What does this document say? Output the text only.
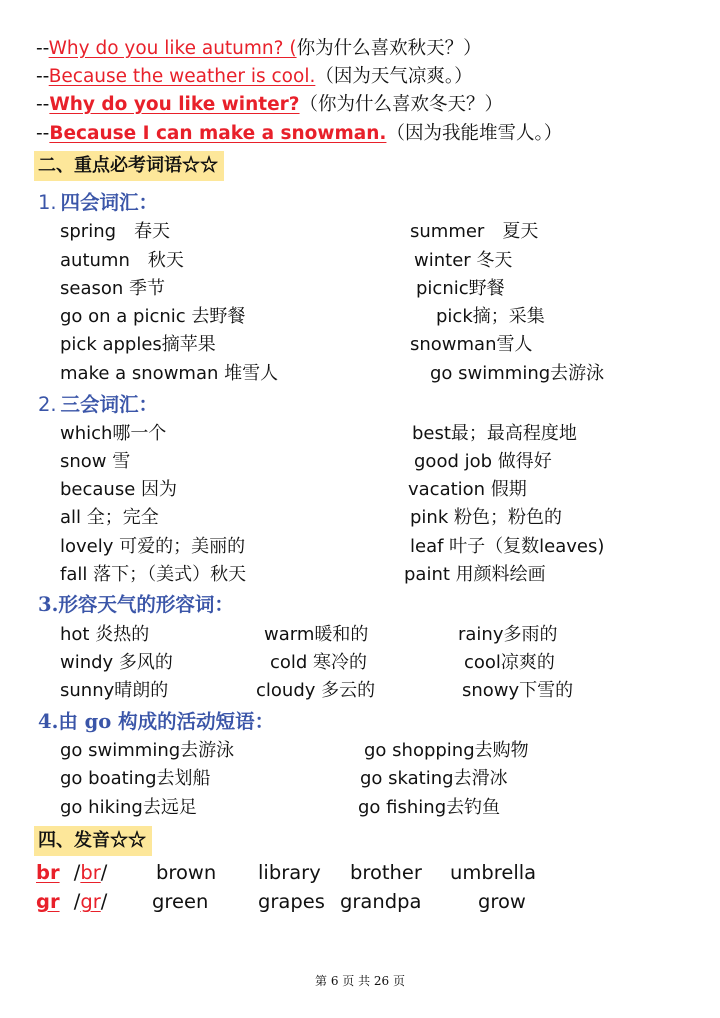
--Why do you like autumn? (你为什么喜欢秋天？）
--Because the weather is cool.（因为天气凉爽。）
--Why do you like winter?（你为什么喜欢冬天？）
--Because I can make a snowman.（因为我能堆雪人。）
二、重点必考词语☆☆
1.  四会词汇：
spring　春天	summer　夏天
autumn　秋天	winter 冬天
season 季节	picnic野餐
go on a picnic 去野餐	pick摘；采集
pick apples摘苹果	snowman雪人
make a snowman 堆雪人	go swimming去游泳
2.  三会词汇：
which哪一个	best最；最高程度地
snow 雪	good job 做得好
because 因为	vacation 假期
all 全；完全	pink 粉色；粉色的
lovely 可爱的；美丽的	leaf 叶子（复数leaves)
fall 落下；（美式）秋天	paint 用颜料绘画
3.形容天气的形容词：
hot 炎热的	warm暖和的	rainy多雨的
windy 多风的	cold 寒冷的	cool凉爽的
sunny晴朗的	cloudy 多云的	snowy下雪的
4.由 go 构成的活动短语：
go swimming去游泳	go shopping去购物
go boating去划船	go skating去滑冰
go hiking去远足	go fishing去钓鱼
四、发音☆☆
br /br/	brown library brother umbrella
gr /gr/	green	grapes grandpa	grow
第 6 页 共 26 页
